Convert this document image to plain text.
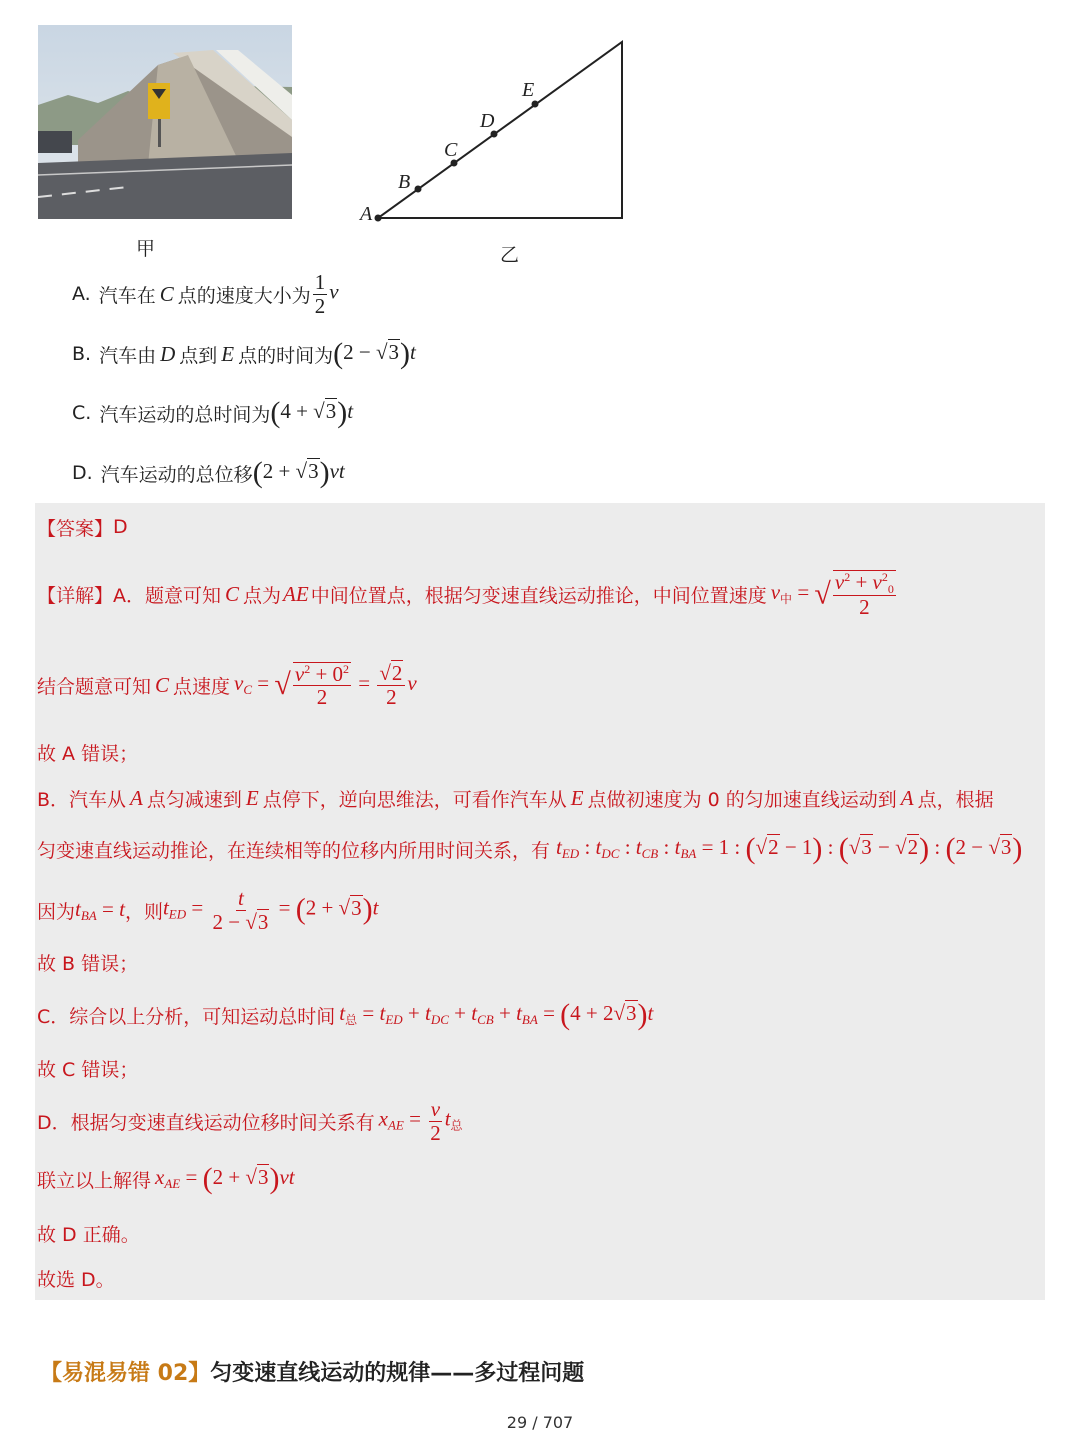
甲
A
B
C
D
E
乙
A. 汽车在 C 点的速度大小为 $\frac{1}{2}$ v
B. 汽车由 D 点到 E 点的时间为 (2 − √3)t
C. 汽车运动的总时间为 (4 + √3)t
D. 汽车运动的总位移 (2 + √3)vt
【答案】 D
【详解】 A．题意可知 C 点为 AE 中间位置点，根据匀变速直线运动推论，中间位置速度 v中 = √ $\frac{v^2 + v^20}{2}$
结合题意可知 C 点速度 $v_C$ = √ $\frac{v^2 + 0^2}{2} = \frac{√2}{2}$ v
故 A 错误；
B．汽车从 A 点匀减速到 E 点停下，逆向思维法，可看作汽车从 E 点做初速度为 0 的匀加速直线运动到 A 点，根据
匀变速直线运动推论，在连续相等的位移内所用时间关系，有 $t_{ED}$ : $t_{DC}$ : $t_{CB}$ : $t_{BA} = 1$ : (√2 − 1) : (√3 − √2) : (2 − √3)
因为 $t_{BA} = t$ ，则 $t_{ED} = \frac{t}{2 - √3} = (2 + √3)t$
故 B 错误；
C．综合以上分析，可知运动总时间 t总 = $t_{ED} + t_{DC} + t_{CB} + t_{BA} = (4 + 2√3)t$
故 C 错误；
D．根据匀变速直线运动位移时间关系有 $x_{AE} = \frac{v}{2}$ t总
联立以上解得 $x_{AE} = (2 + √3)vt$
故 D 正确。
故选 D。
【易混易错 02】匀变速直线运动的规律——多过程问题
29 / 707
